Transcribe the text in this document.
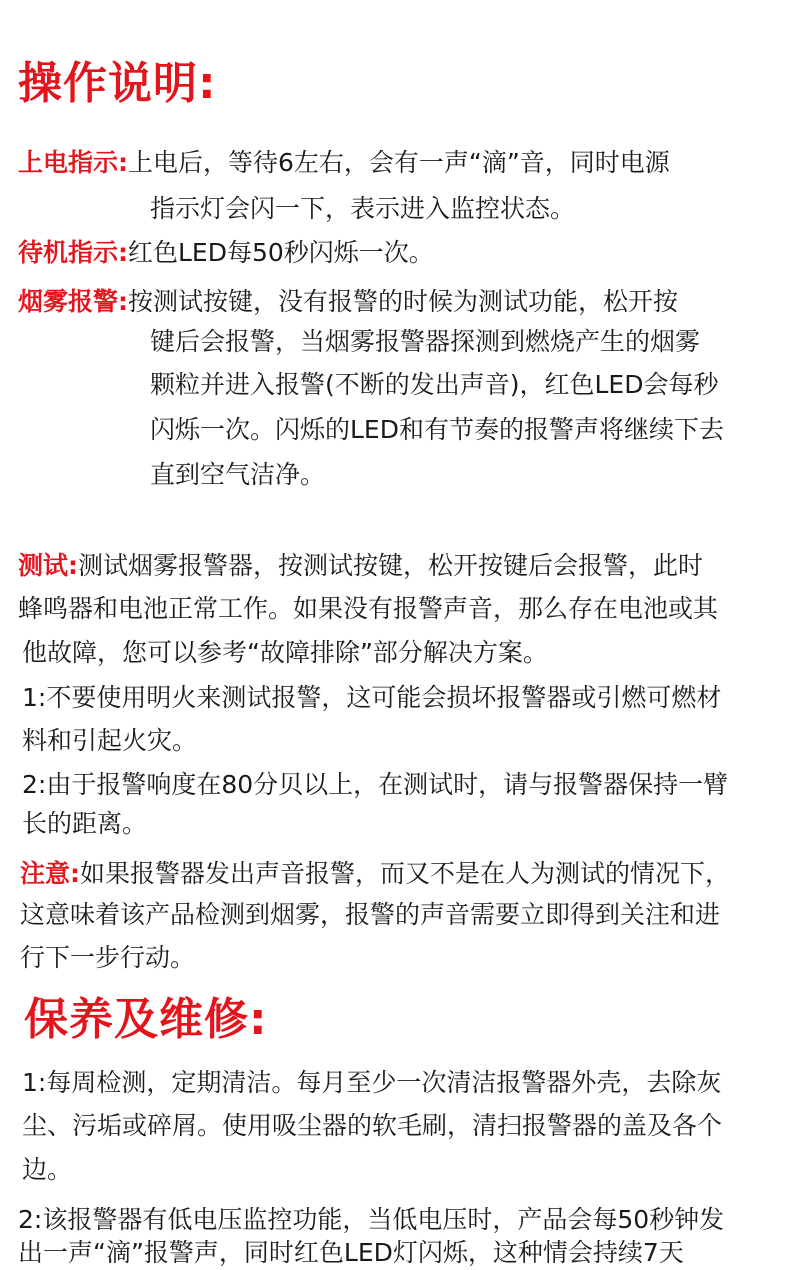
操作说明:
上电指示:上电后，等待6左右，会有一声“滴”音，同时电源
指示灯会闪一下，表示进入监控状态。
待机指示:红色LED每50秒闪烁一次。
烟雾报警:按测试按键，没有报警的时候为测试功能，松开按
键后会报警，当烟雾报警器探测到燃烧产生的烟雾
颗粒并进入报警(不断的发出声音)，红色LED会每秒
闪烁一次。闪烁的LED和有节奏的报警声将继续下去
直到空气洁净。
测试:测试烟雾报警器，按测试按键，松开按键后会报警，此时
蜂鸣器和电池正常工作。如果没有报警声音，那么存在电池或其
他故障，您可以参考“故障排除”部分解决方案。
1:不要使用明火来测试报警，这可能会损坏报警器或引燃可燃材
料和引起火灾。
2:由于报警响度在80分贝以上，在测试时，请与报警器保持一臂
长的距离。
注意:如果报警器发出声音报警，而又不是在人为测试的情况下，
这意味着该产品检测到烟雾，报警的声音需要立即得到关注和进
行下一步行动。
保养及维修:
1:每周检测，定期清洁。每月至少一次清洁报警器外壳，去除灰
尘、污垢或碎屑。使用吸尘器的软毛刷，清扫报警器的盖及各个
边。
2:该报警器有低电压监控功能，当低电压时，产品会每50秒钟发
出一声“滴”报警声，同时红色LED灯闪烁，这种情会持续7天
